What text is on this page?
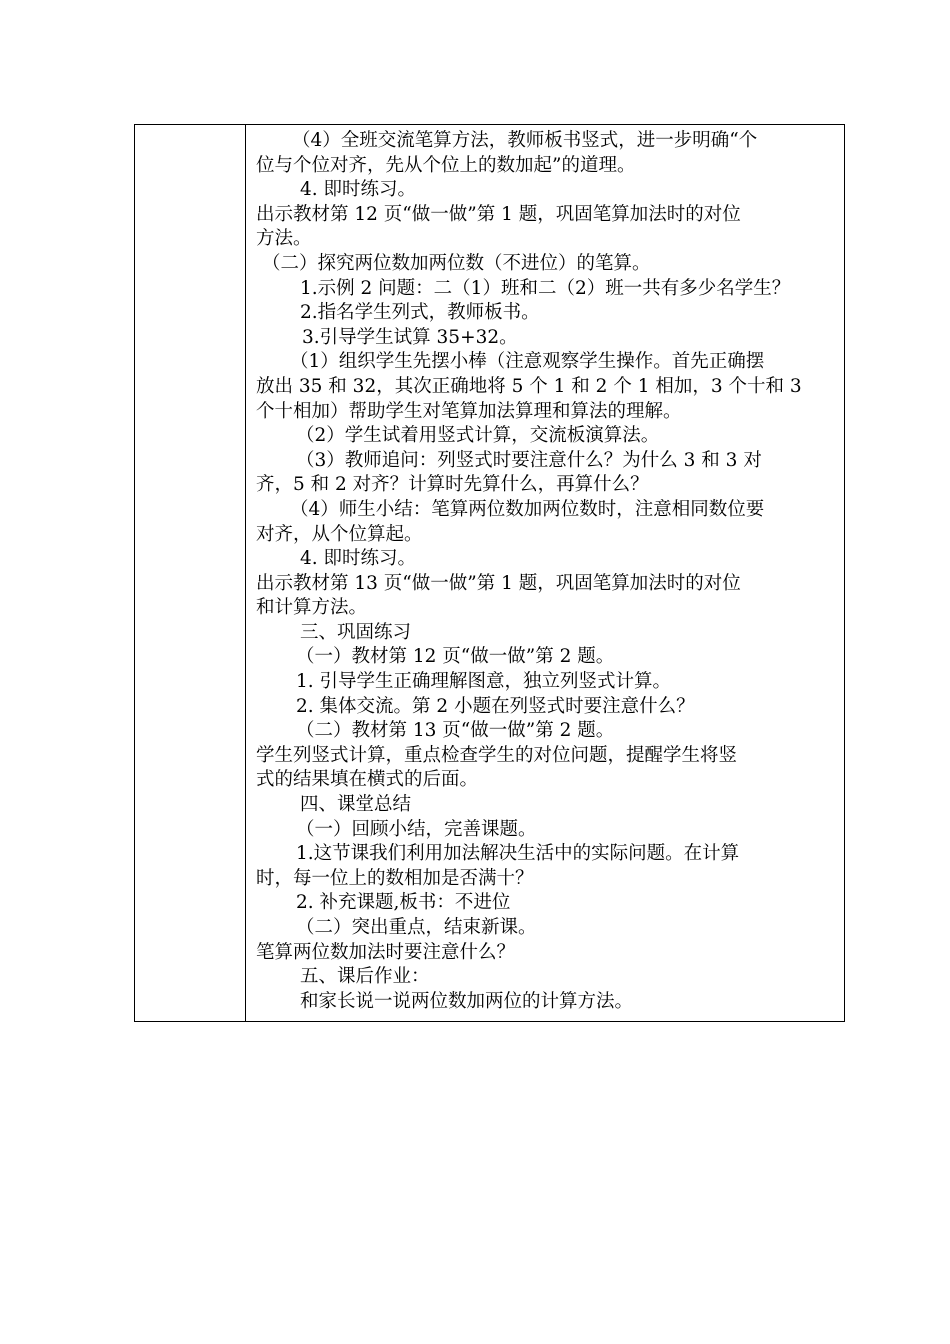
（4）全班交流笔算方法，教师板书竖式，进一步明确“个
位与个位对齐，先从个位上的数加起”的道理。
4. 即时练习。
出示教材第 12 页“做一做”第 1 题，巩固笔算加法时的对位
方法。
（二）探究两位数加两位数（不进位）的笔算。
1.示例 2 问题：二（1）班和二（2）班一共有多少名学生？
2.指名学生列式，教师板书。
3.引导学生试算 35+32。
（1）组织学生先摆小棒（注意观察学生操作。首先正确摆
放出 35 和 32，其次正确地将 5 个 1 和 2 个 1 相加，3 个十和 3
个十相加）帮助学生对笔算加法算理和算法的理解。
（2）学生试着用竖式计算，交流板演算法。
（3）教师追问：列竖式时要注意什么？为什么 3 和 3 对
齐，5 和 2 对齐？计算时先算什么，再算什么？
（4）师生小结：笔算两位数加两位数时，注意相同数位要
对齐，从个位算起。
4. 即时练习。
出示教材第 13 页“做一做”第 1 题，巩固笔算加法时的对位
和计算方法。
三、巩固练习
（一）教材第 12 页“做一做”第 2 题。
1. 引导学生正确理解图意，独立列竖式计算。
2. 集体交流。第 2 小题在列竖式时要注意什么？
（二）教材第 13 页“做一做”第 2 题。
学生列竖式计算，重点检查学生的对位问题，提醒学生将竖
式的结果填在横式的后面。
四、课堂总结
（一）回顾小结，完善课题。
1.这节课我们利用加法解决生活中的实际问题。在计算
时，每一位上的数相加是否满十？
2. 补充课题,板书：不进位
（二）突出重点，结束新课。
笔算两位数加法时要注意什么？
五、课后作业：
和家长说一说两位数加两位的计算方法。
